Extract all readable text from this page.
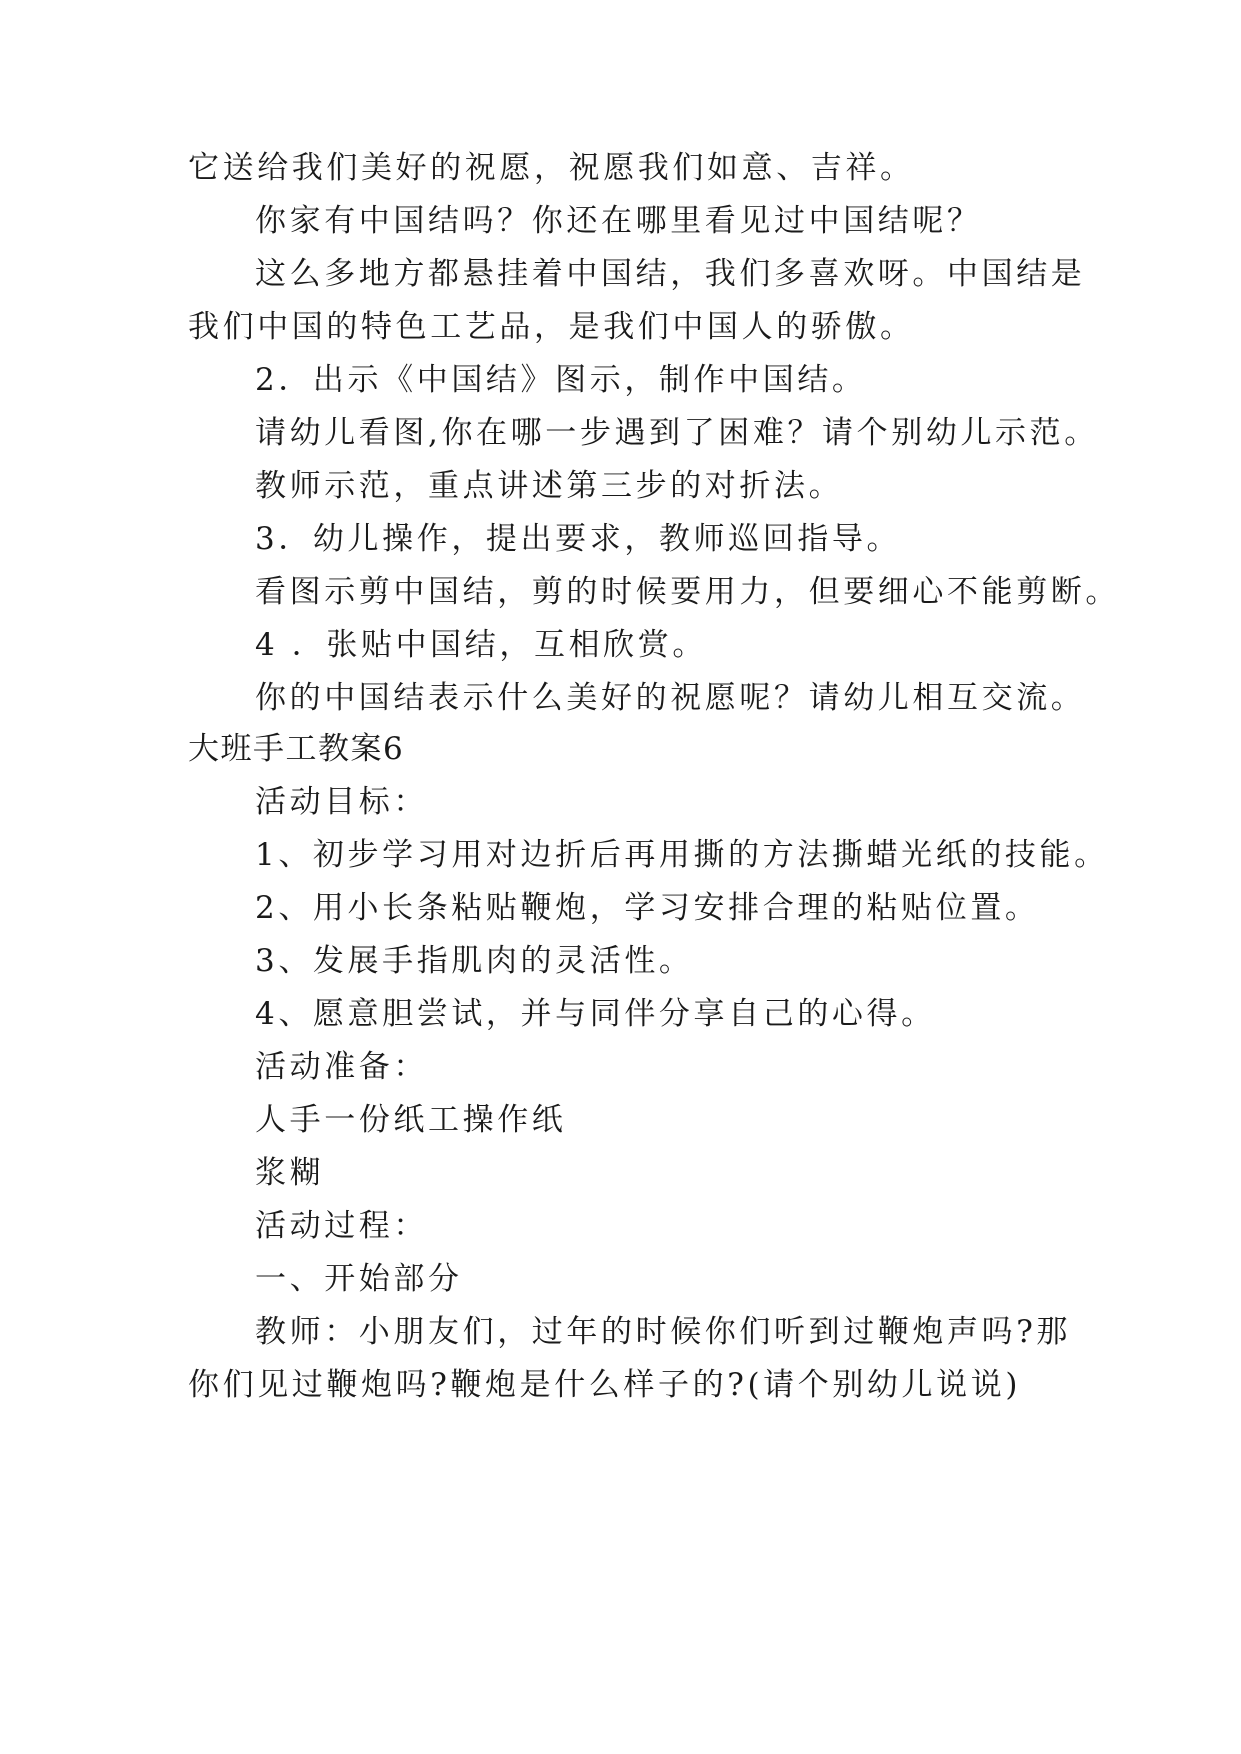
它送给我们美好的祝愿，祝愿我们如意、吉祥。
你家有中国结吗？你还在哪里看见过中国结呢？
这么多地方都悬挂着中国结，我们多喜欢呀。中国结是
我们中国的特色工艺品，是我们中国人的骄傲。
2．出示《中国结》图示，制作中国结。
请幼儿看图,你在哪一步遇到了困难？请个别幼儿示范。
教师示范，重点讲述第三步的对折法。
3．幼儿操作，提出要求，教师巡回指导。
看图示剪中国结，剪的时候要用力，但要细心不能剪断。
4 ．张贴中国结，互相欣赏。
你的中国结表示什么美好的祝愿呢？请幼儿相互交流。
大班手工教案6
活动目标：
1、初步学习用对边折后再用撕的方法撕蜡光纸的技能。
2、用小长条粘贴鞭炮，学习安排合理的粘贴位置。
3、发展手指肌肉的灵活性。
4、愿意胆尝试，并与同伴分享自己的心得。
活动准备：
人手一份纸工操作纸
浆糊
活动过程：
一、开始部分
教师：小朋友们，过年的时候你们听到过鞭炮声吗?那
你们见过鞭炮吗?鞭炮是什么样子的?(请个别幼儿说说)
